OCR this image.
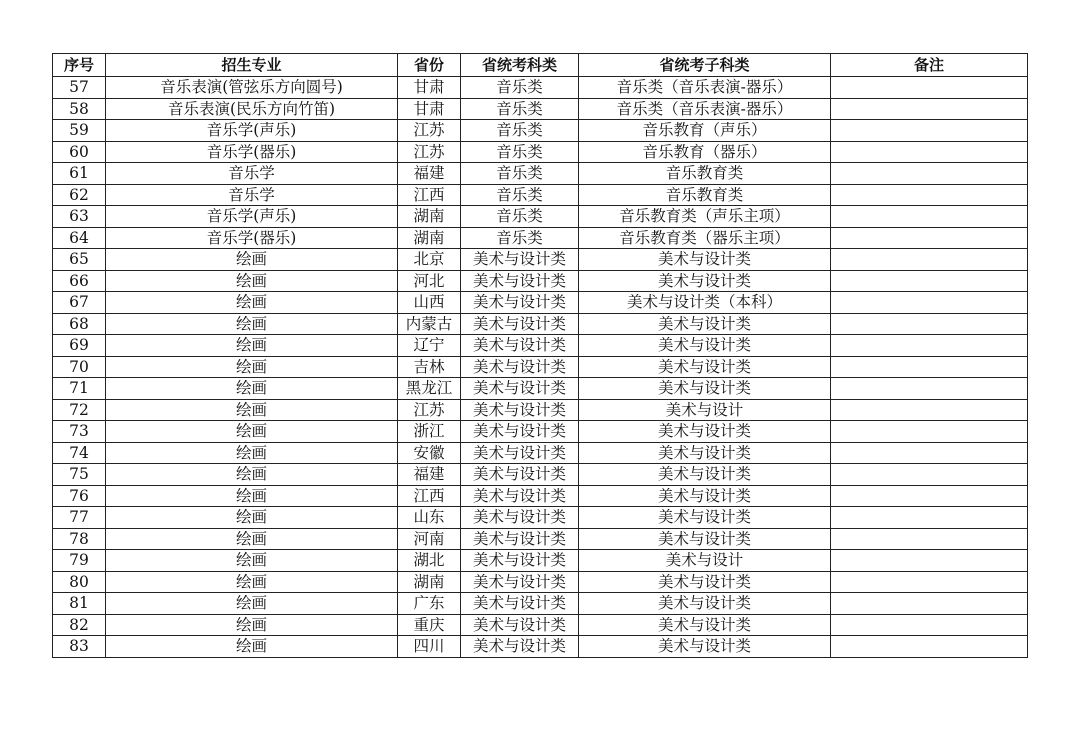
序号	招生专业	省份	省统考科类	省统考子科类	备注
57	音乐表演(管弦乐方向圆号)	甘肃	音乐类	音乐类（音乐表演-器乐）	
58	音乐表演(民乐方向竹笛)	甘肃	音乐类	音乐类（音乐表演-器乐）	
59	音乐学(声乐)	江苏	音乐类	音乐教育（声乐）	
60	音乐学(器乐)	江苏	音乐类	音乐教育（器乐）	
61	音乐学	福建	音乐类	音乐教育类	
62	音乐学	江西	音乐类	音乐教育类	
63	音乐学(声乐)	湖南	音乐类	音乐教育类（声乐主项）	
64	音乐学(器乐)	湖南	音乐类	音乐教育类（器乐主项）	
65	绘画	北京	美术与设计类	美术与设计类	
66	绘画	河北	美术与设计类	美术与设计类	
67	绘画	山西	美术与设计类	美术与设计类（本科）	
68	绘画	内蒙古	美术与设计类	美术与设计类	
69	绘画	辽宁	美术与设计类	美术与设计类	
70	绘画	吉林	美术与设计类	美术与设计类	
71	绘画	黑龙江	美术与设计类	美术与设计类	
72	绘画	江苏	美术与设计类	美术与设计	
73	绘画	浙江	美术与设计类	美术与设计类	
74	绘画	安徽	美术与设计类	美术与设计类	
75	绘画	福建	美术与设计类	美术与设计类	
76	绘画	江西	美术与设计类	美术与设计类	
77	绘画	山东	美术与设计类	美术与设计类	
78	绘画	河南	美术与设计类	美术与设计类	
79	绘画	湖北	美术与设计类	美术与设计	
80	绘画	湖南	美术与设计类	美术与设计类	
81	绘画	广东	美术与设计类	美术与设计类	
82	绘画	重庆	美术与设计类	美术与设计类	
83	绘画	四川	美术与设计类	美术与设计类	
